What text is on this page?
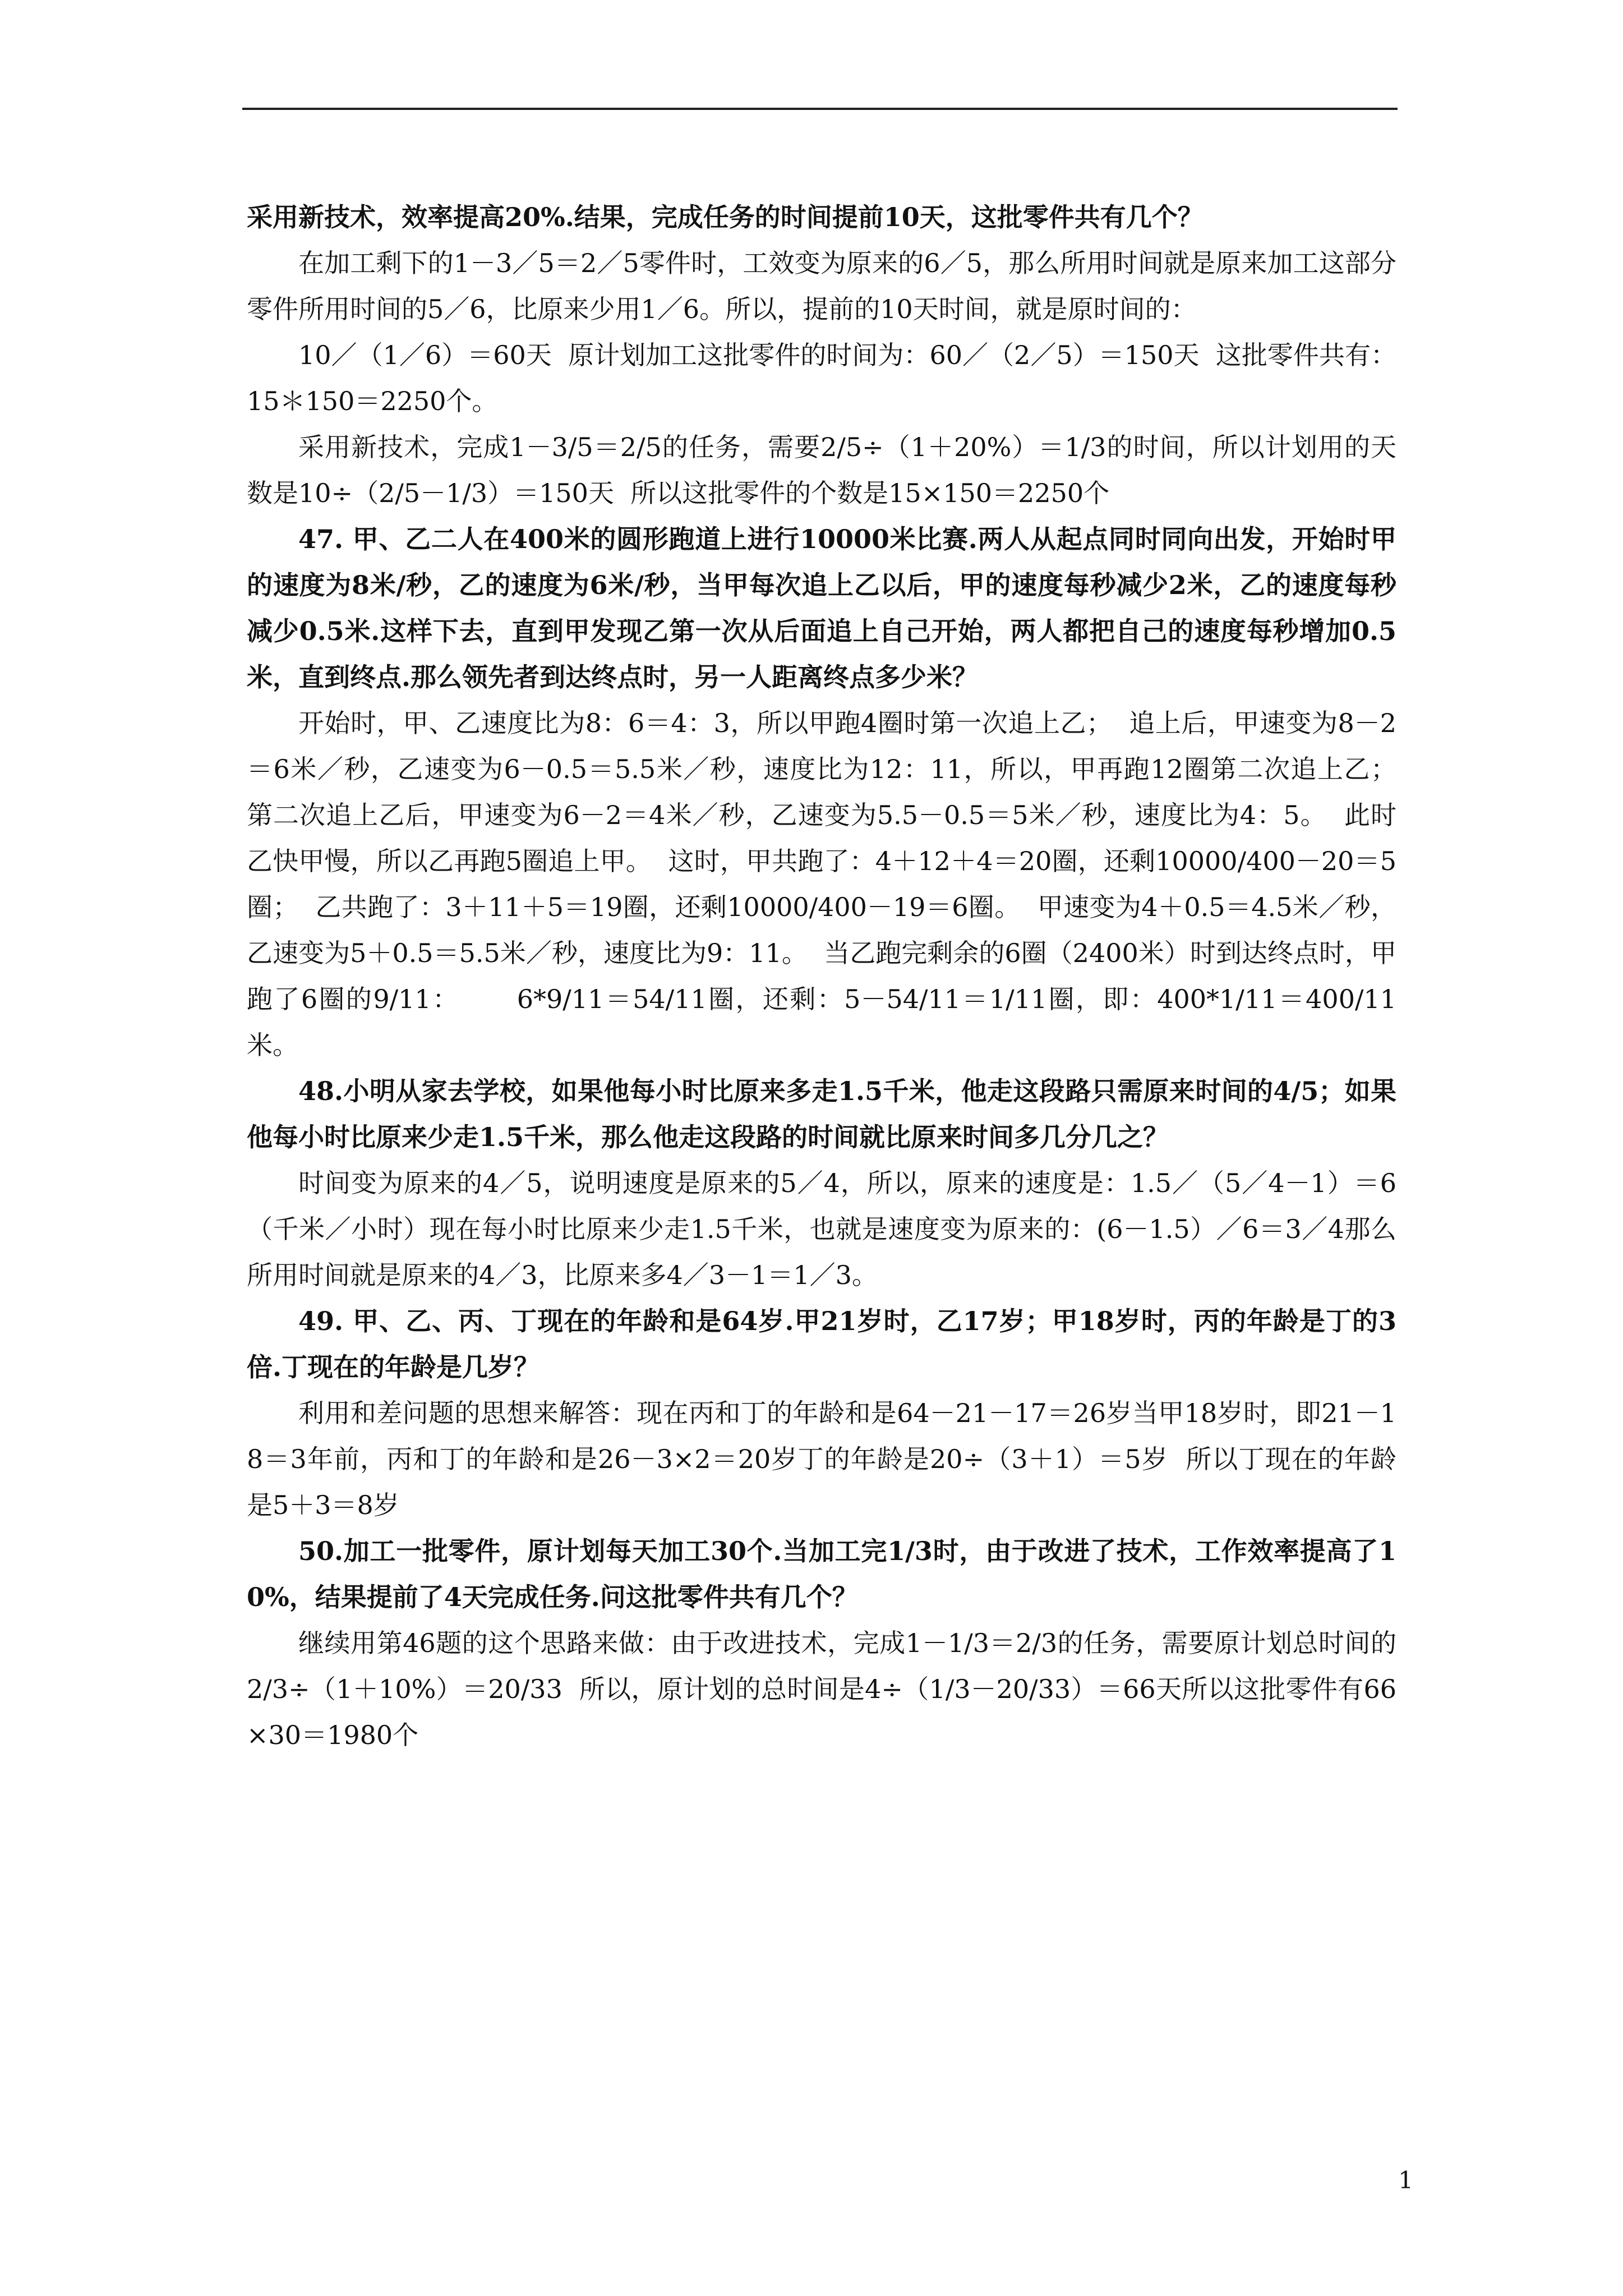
采用新技术，效率提高20%.结果，完成任务的时间提前10天，这批零件共有几个？

在加工剩下的1－3／5＝2／5零件时，工效变为原来的6／5，那么所用时间就是原来加工这部分零件所用时间的5／6，比原来少用1／6。所以，提前的10天时间，就是原时间的：

10／（1／6）＝60天  原计划加工这批零件的时间为：60／（2／5）＝150天  这批零件共有：15＊150＝2250个。

采用新技术，完成1－3/5＝2/5的任务，需要2/5÷（1＋20%）＝1/3的时间，所以计划用的天数是10÷（2/5－1/3）＝150天  所以这批零件的个数是15×150＝2250个

47. 甲、乙二人在400米的圆形跑道上进行10000米比赛.两人从起点同时同向出发，开始时甲的速度为8米/秒，乙的速度为6米/秒，当甲每次追上乙以后，甲的速度每秒减少2米，乙的速度每秒减少0.5米.这样下去，直到甲发现乙第一次从后面追上自己开始，两人都把自己的速度每秒增加0.5米，直到终点.那么领先者到达终点时，另一人距离终点多少米？

开始时，甲、乙速度比为8：6＝4：3，所以甲跑4圈时第一次追上乙；  追上后，甲速变为8－2＝6米／秒，乙速变为6－0.5＝5.5米／秒，速度比为12：11，所以，甲再跑12圈第二次追上乙；  第二次追上乙后，甲速变为6－2＝4米／秒，乙速变为5.5－0.5＝5米／秒，速度比为4：5。  此时乙快甲慢，所以乙再跑5圈追上甲。  这时，甲共跑了：4＋12＋4＝20圈，还剩10000/400－20＝5圈；  乙共跑了：3＋11＋5＝19圈，还剩10000/400－19＝6圈。  甲速变为4＋0.5＝4.5米／秒，乙速变为5＋0.5＝5.5米／秒，速度比为9：11。  当乙跑完剩余的6圈（2400米）时到达终点时，甲跑了6圈的9/11：      6*9/11＝54/11圈，还剩：5－54/11＝1/11圈，即：400*1/11＝400/11米。

48.小明从家去学校，如果他每小时比原来多走1.5千米，他走这段路只需原来时间的4/5；如果他每小时比原来少走1.5千米，那么他走这段路的时间就比原来时间多几分几之？

时间变为原来的4／5，说明速度是原来的5／4，所以，原来的速度是：1.5／（5／4－1）＝6（千米／小时）现在每小时比原来少走1.5千米，也就是速度变为原来的：(6－1.5）／6＝3／4那么所用时间就是原来的4／3，比原来多4／3－1＝1／3。

49. 甲、乙、丙、丁现在的年龄和是64岁.甲21岁时，乙17岁；甲18岁时，丙的年龄是丁的3倍.丁现在的年龄是几岁？

利用和差问题的思想来解答：现在丙和丁的年龄和是64－21－17＝26岁当甲18岁时，即21－18＝3年前，丙和丁的年龄和是26－3×2＝20岁丁的年龄是20÷（3＋1）＝5岁  所以丁现在的年龄是5＋3＝8岁

50.加工一批零件，原计划每天加工30个.当加工完1/3时，由于改进了技术，工作效率提高了10%，结果提前了4天完成任务.问这批零件共有几个？

继续用第46题的这个思路来做：由于改进技术，完成1－1/3＝2/3的任务，需要原计划总时间的2/3÷（1＋10%）＝20/33  所以，原计划的总时间是4÷（1/3－20/33）＝66天所以这批零件有66×30＝1980个

1
